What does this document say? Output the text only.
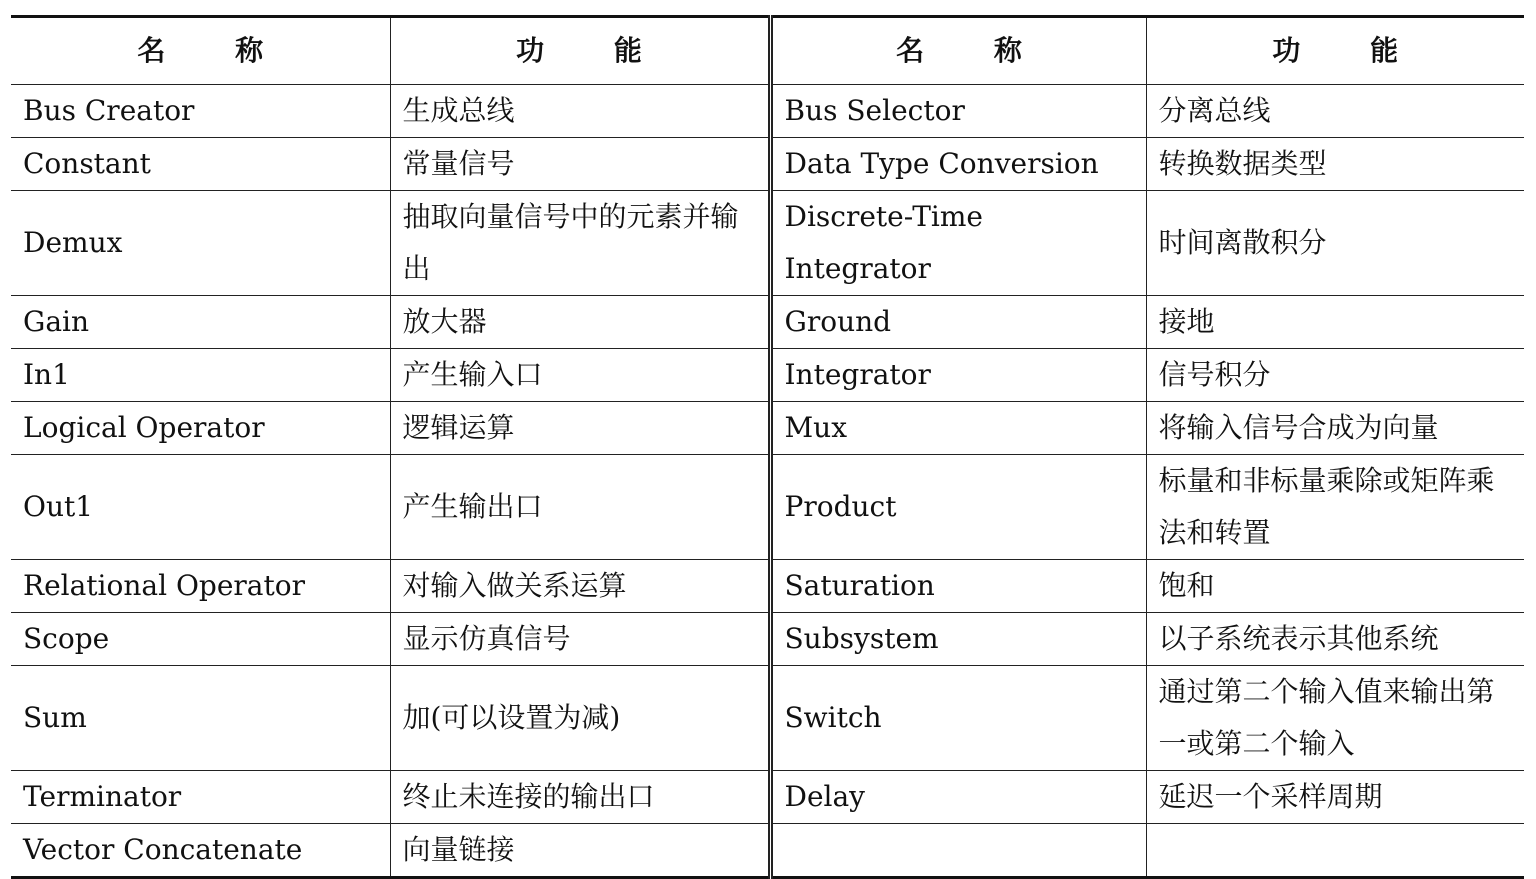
名 称	功 能	名 称	功 能
Bus Creator	生成总线	Bus Selector	分离总线
Constant	常量信号	Data Type Conversion	转换数据类型
Demux	抽取向量信号中的元素并输出	Discrete-Time Integrator	时间离散积分
Gain	放大器	Ground	接地
In1	产生输入口	Integrator	信号积分
Logical Operator	逻辑运算	Mux	将输入信号合成为向量
Out1	产生输出口	Product	标量和非标量乘除或矩阵乘法和转置
Relational Operator	对输入做关系运算	Saturation	饱和
Scope	显示仿真信号	Subsystem	以子系统表示其他系统
Sum	加(可以设置为减)	Switch	通过第二个输入值来输出第一或第二个输入
Terminator	终止未连接的输出口	Delay	延迟一个采样周期
Vector Concatenate	向量链接		
